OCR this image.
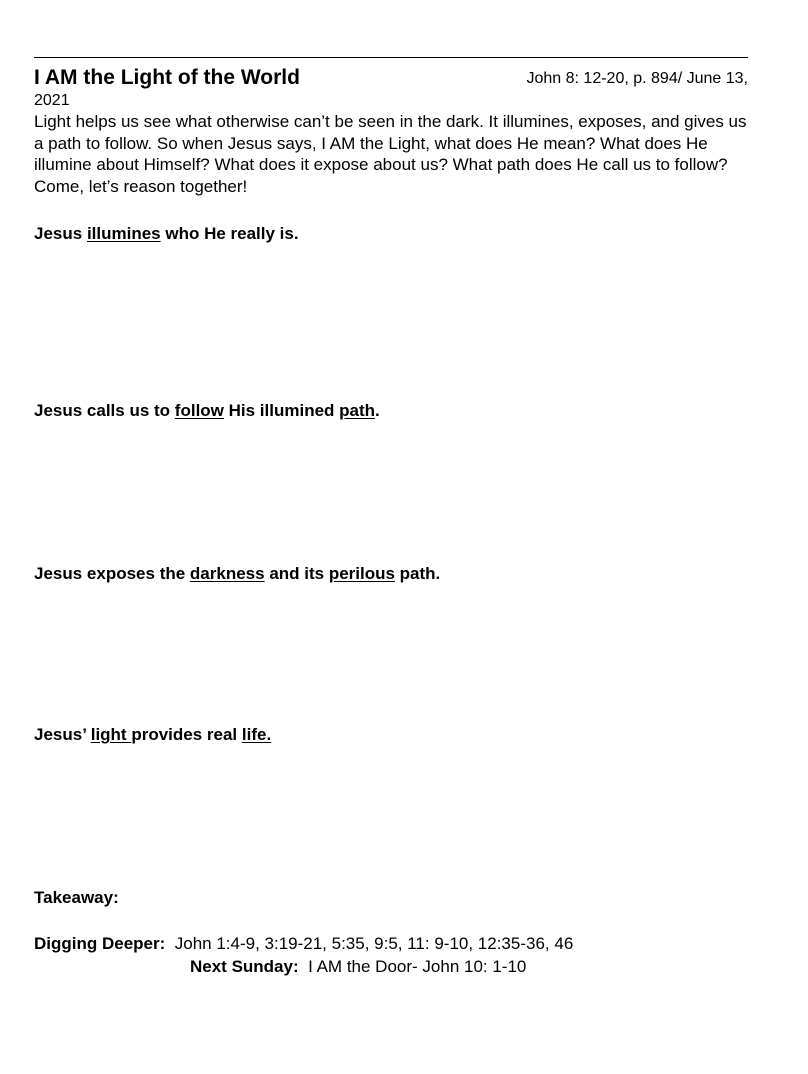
I AM the Light of the World	John 8: 12-20, p. 894/ June 13,
2021

Light helps us see what otherwise can’t be seen in the dark. It illumines, exposes, and gives us a path to follow. So when Jesus says, I AM the Light, what does He mean? What does He illumine about Himself? What does it expose about us? What path does He call us to follow? Come, let’s reason together!

Jesus illumines who He really is.

Jesus calls us to follow His illumined path.

Jesus exposes the darkness and its perilous path.

Jesus’ light provides real life.

Takeaway:
Digging Deeper:  John 1:4-9, 3:19-21, 5:35, 9:5, 11: 9-10, 12:35-36, 46
Next Sunday:  I AM the Door- John 10: 1-10
